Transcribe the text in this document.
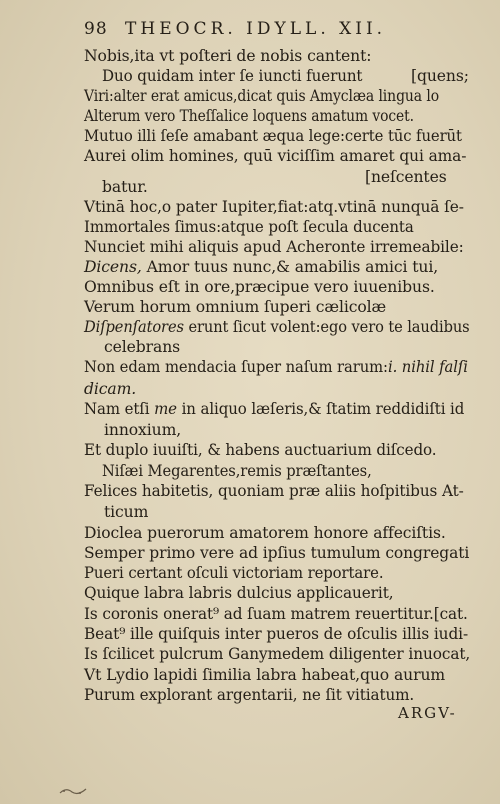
98 THEOCR. IDYLL. XII.
Nobis,ita vt poſteri de nobis cantent:
Duo quidam inter ſe iuncti fuerunt	[quens;
Viri:alter erat amicus,dicat quis Amyclæa lingua lo
Alterum vero Theſſalice loquens amatum vocet.
Mutuo illi ſeſe amabant æqua lege:certe tūc fuerūt
Aurei olim homines, quū viciſſim amaret qui ama-
[neſcentes
batur.
Vtinā hoc,o pater Iupiter,fiat:atq.vtinā nunquā ſe-
Immortales ſimus:atque poſt ſecula ducenta
Nunciet mihi aliquis apud Acheronte irremeabile:
Dicens, Amor tuus nunc,& amabilis amici tui,
Omnibus eſt in ore,præcipue vero iuuenibus.
Verum horum omnium ſuperi cælicolæ
Diſpenſatores erunt ſicut volent:ego vero te laudibus
celebrans
Non edam mendacia ſuper naſum rarum:i. nihil falſi
dicam.
Nam etſi me in aliquo læſeris,& ſtatim reddidiſti id
innoxium,
Et duplo iuuiſti, & habens auctuarium diſcedo.
Niſæi Megarentes,remis præſtantes,
Felices habitetis, quoniam præ aliis hoſpitibus At-
ticum
Dioclea puerorum amatorem honore affeciſtis.
Semper primo vere ad ipſius tumulum congregati
Pueri certant oſculi victoriam reportare.
Quique labra labris dulcius applicauerit,
Is coronis onerat⁹ ad ſuam matrem reuertitur.[cat.
Beat⁹ ille quiſquis inter pueros de oſculis illis iudi-
Is ſcilicet pulcrum Ganymedem diligenter inuocat,
Vt Lydio lapidi ſimilia labra habeat,quo aurum
Purum explorant argentarii, ne ſit vitiatum.
ARGV-
